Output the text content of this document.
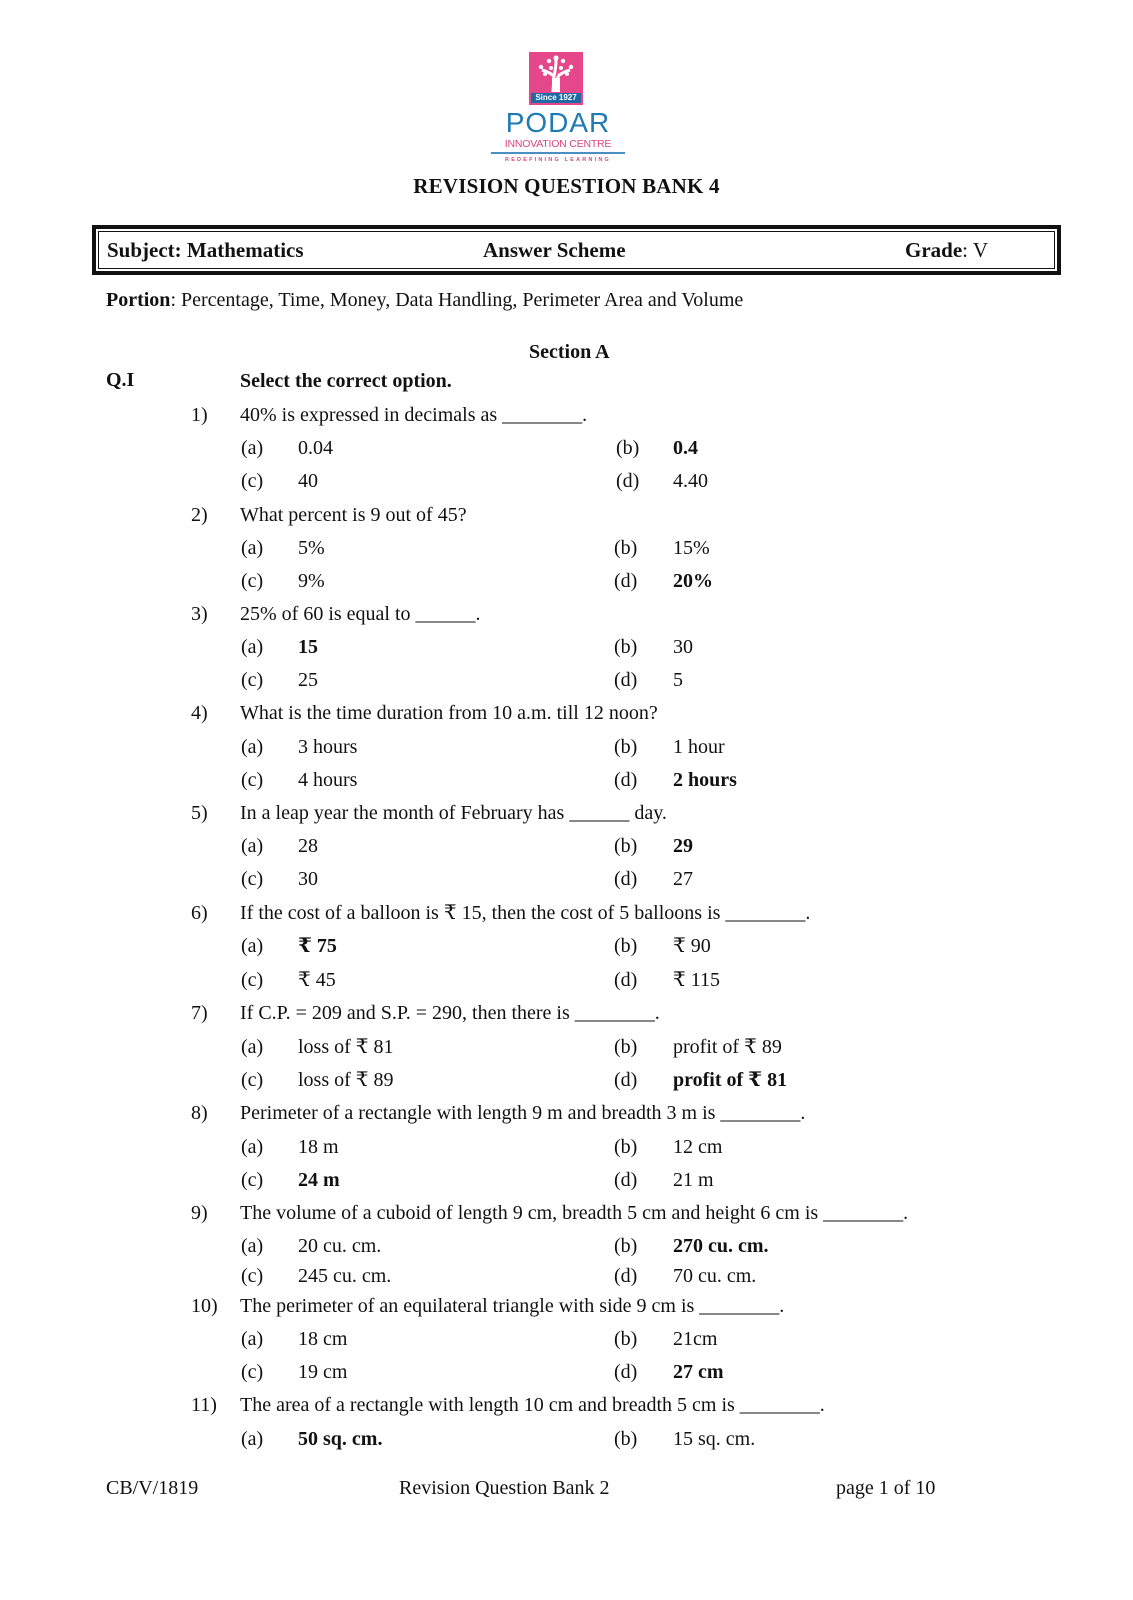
Since 1927
PODAR
INNOVATION CENTRE
REDEFINING LEARNING
REVISION QUESTION BANK 4
Subject: Mathematics	Answer Scheme	Grade: V
Portion: Percentage, Time, Money, Data Handling, Perimeter Area and Volume
Section A
Q.I	Select the correct option.
1) 40% is expressed in decimals as ________.
(a) 0.04	(b) 0.4
(c) 40	(d) 4.40
2) What percent is 9 out of 45?
(a) 5%	(b) 15%
(c) 9%	(d) 20%
3) 25% of 60 is equal to ______.
(a) 15	(b) 30
(c) 25	(d) 5
4) What is the time duration from 10 a.m. till 12 noon?
(a) 3 hours	(b) 1 hour
(c) 4 hours	(d) 2 hours
5) In a leap year the month of February has ______ day.
(a) 28	(b) 29
(c) 30	(d) 27
6) If the cost of a balloon is ₹ 15, then the cost of 5 balloons is ________.
(a) ₹ 75	(b) ₹ 90
(c) ₹ 45	(d) ₹ 115
7) If C.P. = 209 and S.P. = 290, then there is ________.
(a) loss of ₹ 81	(b) profit of ₹ 89
(c) loss of ₹ 89	(d) profit of ₹ 81
8) Perimeter of a rectangle with length 9 m and breadth 3 m is ________.
(a) 18 m	(b) 12 cm
(c) 24 m	(d) 21 m
9) The volume of a cuboid of length 9 cm, breadth 5 cm and height 6 cm is ________.
(a) 20 cu. cm.	(b) 270 cu. cm.
(c) 245 cu. cm.	(d) 70 cu. cm.
10) The perimeter of an equilateral triangle with side 9 cm is ________.
(a) 18 cm	(b) 21cm
(c) 19 cm	(d) 27 cm
11) The area of a rectangle with length 10 cm and breadth 5 cm is ________.
(a) 50 sq. cm.	(b) 15 sq. cm.
CB/V/1819	Revision Question Bank 2	page 1 of 10
